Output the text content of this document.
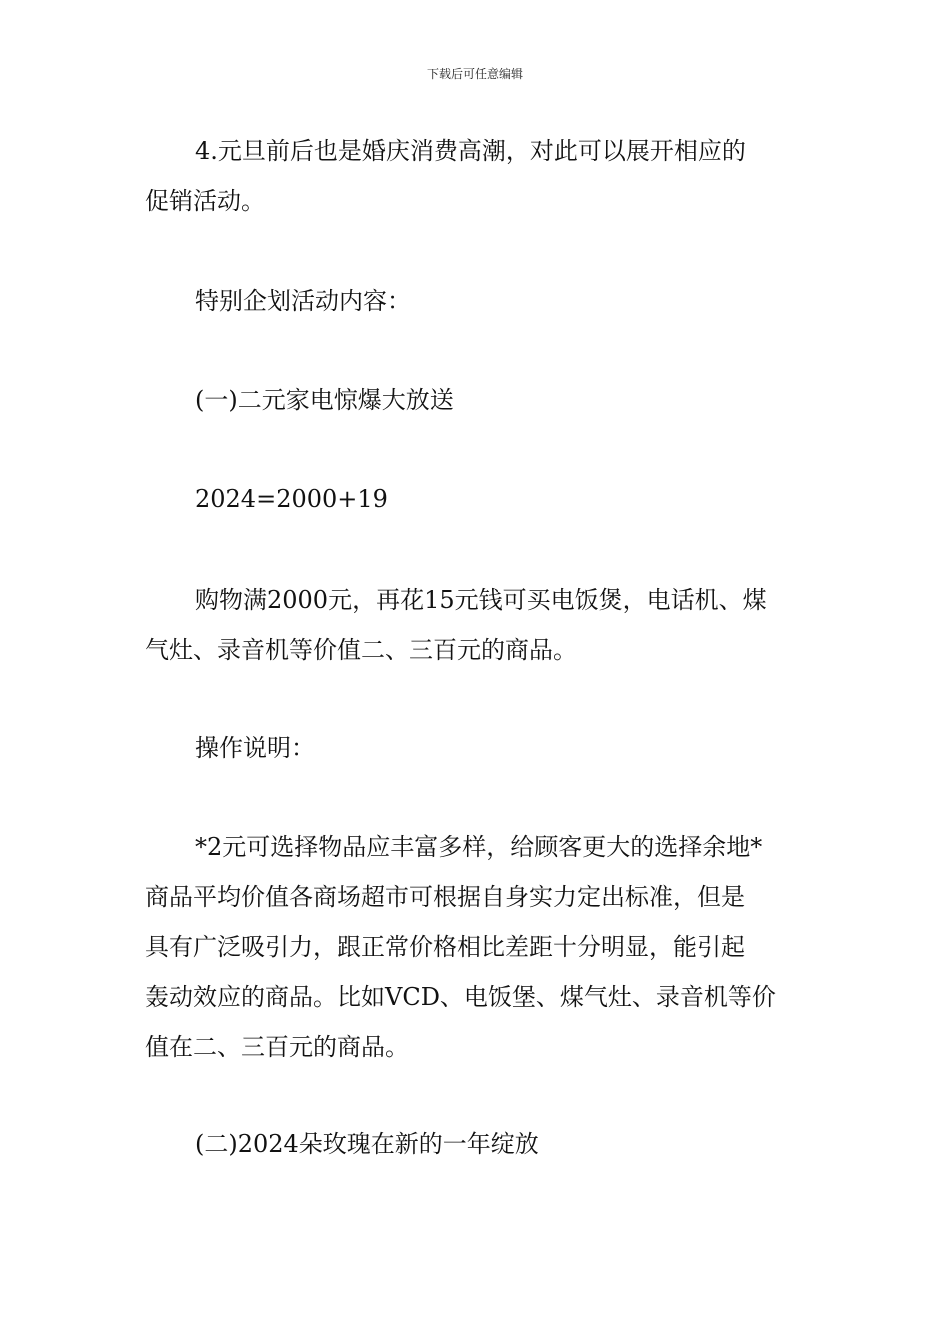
下载后可任意编辑
4.元旦前后也是婚庆消费高潮，对此可以展开相应的
促销活动。
特别企划活动内容：
(一)二元家电惊爆大放送
2024=2000+19
购物满2000元，再花15元钱可买电饭煲，电话机、煤
气灶、录音机等价值二、三百元的商品。
操作说明：
*2元可选择物品应丰富多样，给顾客更大的选择余地*
商品平均价值各商场超市可根据自身实力定出标准，但是
具有广泛吸引力，跟正常价格相比差距十分明显，能引起
轰动效应的商品。比如VCD、电饭堡、煤气灶、录音机等价
值在二、三百元的商品。
(二)2024朵玫瑰在新的一年绽放
